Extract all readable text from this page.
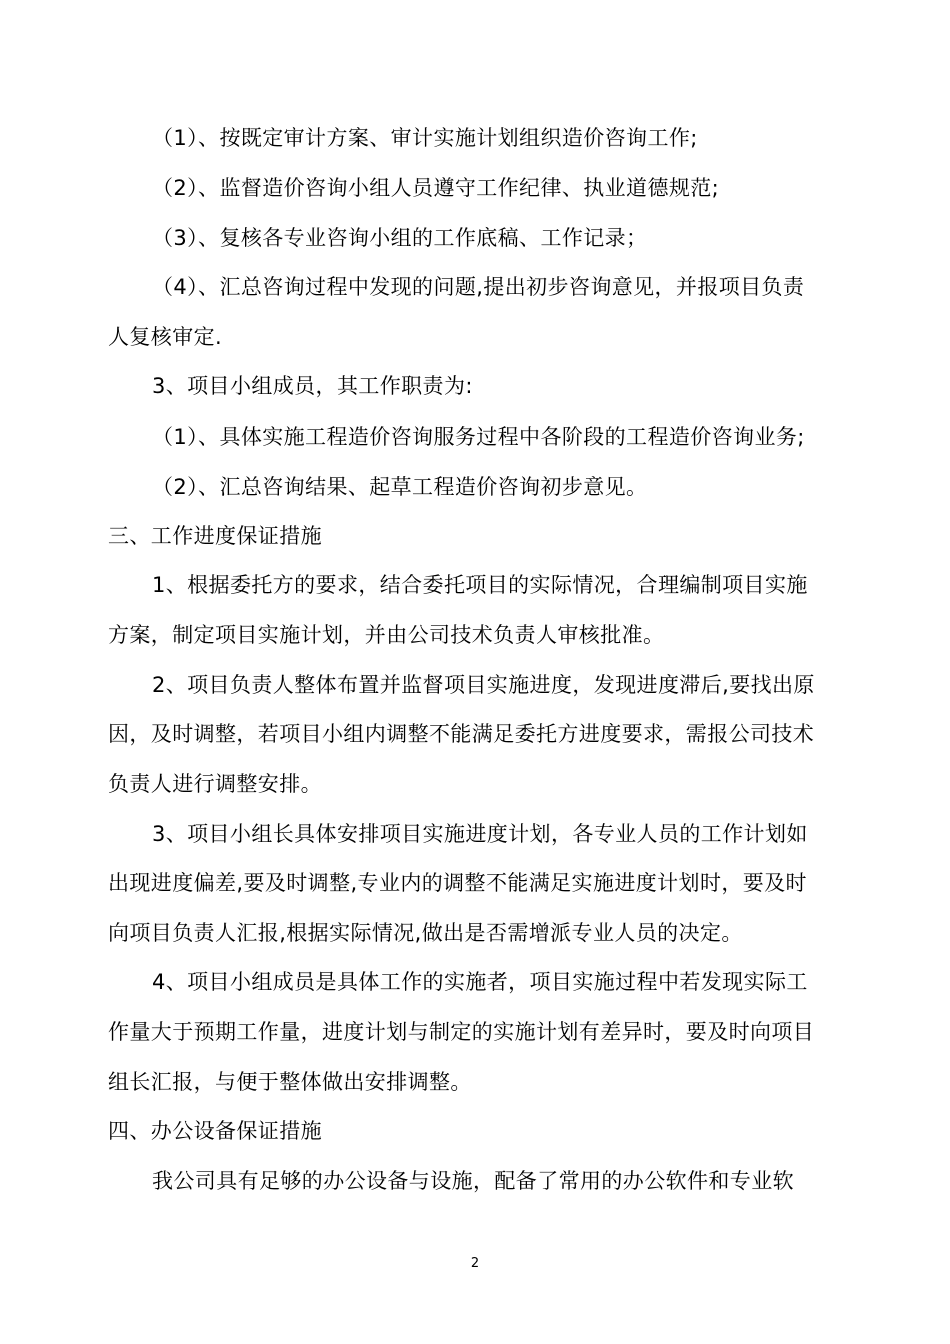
（1）、按既定审计方案、审计实施计划组织造价咨询工作;
（2）、监督造价咨询小组人员遵守工作纪律、执业道德规范;
（3）、复核各专业咨询小组的工作底稿、工作记录；
（4）、汇总咨询过程中发现的问题,提出初步咨询意见，并报项目负责
人复核审定.
3、项目小组成员，其工作职责为:
（1）、具体实施工程造价咨询服务过程中各阶段的工程造价咨询业务;
（2）、汇总咨询结果、起草工程造价咨询初步意见。
三、工作进度保证措施
1、根据委托方的要求，结合委托项目的实际情况，合理编制项目实施
方案，制定项目实施计划，并由公司技术负责人审核批准。
2、项目负责人整体布置并监督项目实施进度，发现进度滞后,要找出原
因，及时调整，若项目小组内调整不能满足委托方进度要求，需报公司技术
负责人进行调整安排。
3、项目小组长具体安排项目实施进度计划，各专业人员的工作计划如
出现进度偏差,要及时调整,专业内的调整不能满足实施进度计划时，要及时
向项目负责人汇报,根据实际情况,做出是否需增派专业人员的决定。
4、项目小组成员是具体工作的实施者，项目实施过程中若发现实际工
作量大于预期工作量，进度计划与制定的实施计划有差异时，要及时向项目
组长汇报，与便于整体做出安排调整。
四、办公设备保证措施
我公司具有足够的办公设备与设施，配备了常用的办公软件和专业软
2
